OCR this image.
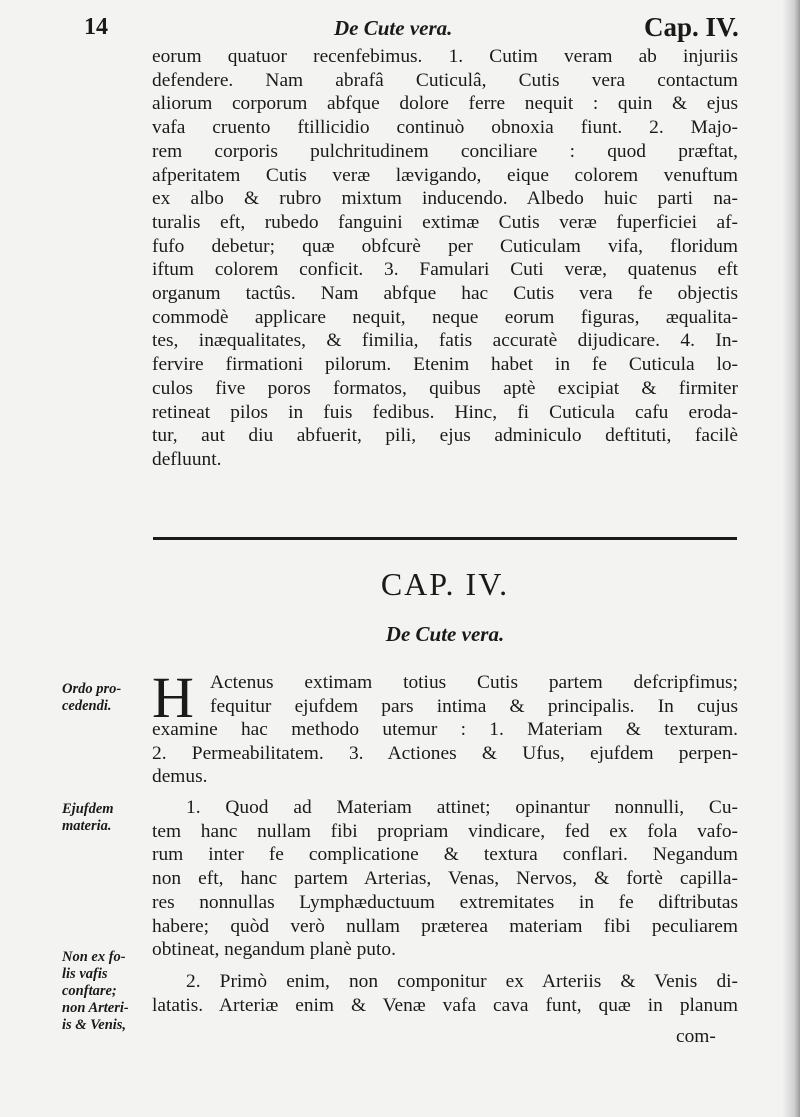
14	De Cute vera.	Cap. IV.
eorum quatuor recenfebimus. 1. Cutim veram ab injuriis
defendere. Nam abrafâ Cuticulâ, Cutis vera contactum
aliorum corporum abfque dolore ferre nequit : quin & ejus
vafa cruento ftillicidio continuò obnoxia fiunt. 2. Majo-
rem corporis pulchritudinem conciliare : quod præftat,
afperitatem Cutis veræ lævigando, eique colorem venuftum
ex albo & rubro mixtum inducendo. Albedo huic parti na-
turalis eft, rubedo fanguini extimæ Cutis veræ fuperficiei af-
fufo debetur; quæ obfcurè per Cuticulam vifa, floridum
iftum colorem conficit. 3. Famulari Cuti veræ, quatenus eft
organum tactûs. Nam abfque hac Cutis vera fe objectis
commodè applicare nequit, neque eorum figuras, æqualita-
tes, inæqualitates, & fimilia, fatis accuratè dijudicare. 4. In-
fervire firmationi pilorum. Etenim habet in fe Cuticula lo-
culos five poros formatos, quibus aptè excipiat & firmiter
retineat pilos in fuis fedibus. Hinc, fi Cuticula cafu eroda-
tur, aut diu abfuerit, pili, ejus adminiculo deftituti, facilè
defluunt.
CAP. IV.
De Cute vera.
H Actenus extimam totius Cutis partem defcripfimus;
fequitur ejufdem pars intima & principalis. In cujus
examine hac methodo utemur : 1. Materiam & texturam.
2. Permeabilitatem. 3. Actiones & Ufus, ejufdem perpen-
demus.
1. Quod ad Materiam attinet; opinantur nonnulli, Cu-
tem hanc nullam fibi propriam vindicare, fed ex fola vafo-
rum inter fe complicatione & textura conflari. Negandum
non eft, hanc partem Arterias, Venas, Nervos, & fortè capilla-
res nonnullas Lymphæductuum extremitates in fe diftributas
habere; quòd verò nullam præterea materiam fibi peculiarem
obtineat, negandum planè puto.
2. Primò enim, non componitur ex Arteriis & Venis di-
latatis. Arteriæ enim & Venæ vafa cava funt, quæ in planum
com-
Ordo pro-
cedendi.
Ejufdem
materia.
Non ex fo-
lis vafis
conftare;
non Arteri-
is & Venis,
